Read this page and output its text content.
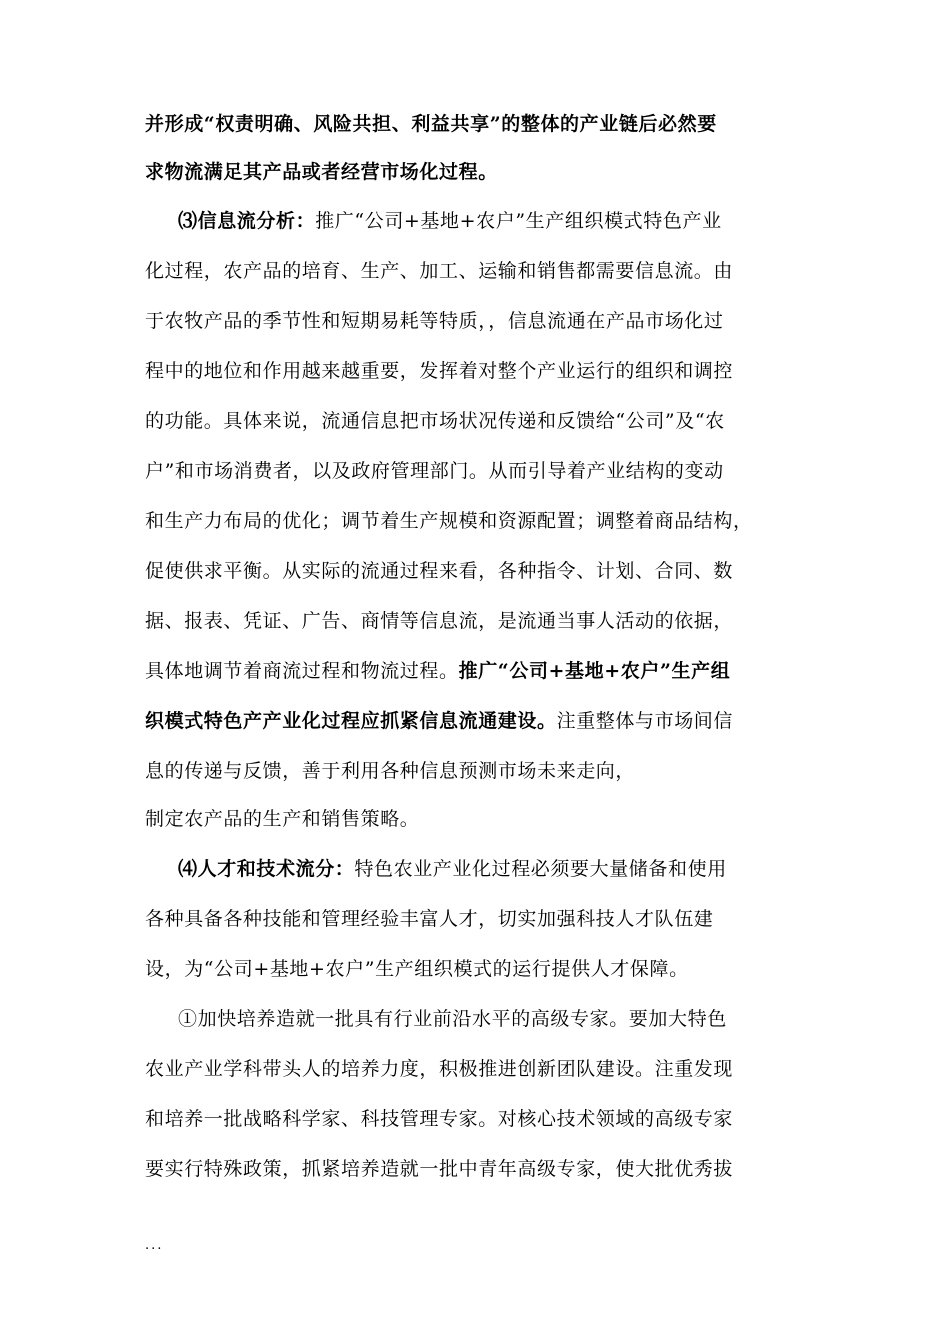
并形成“权责明确、风险共担、利益共享”的整体的产业链后必然要
求物流满足其产品或者经营市场化过程。
⑶信息流分析：推广“公司+基地+农户”生产组织模式特色产业
化过程，农产品的培育、生产、加工、运输和销售都需要信息流。由
于农牧产品的季节性和短期易耗等特质，，信息流通在产品市场化过
程中的地位和作用越来越重要，发挥着对整个产业运行的组织和调控
的功能。具体来说，流通信息把市场状况传递和反馈给“公司”及“农
户”和市场消费者，以及政府管理部门。从而引导着产业结构的变动
和生产力布局的优化；调节着生产规模和资源配置；调整着商品结构，
促使供求平衡。从实际的流通过程来看，各种指令、计划、合同、数
据、报表、凭证、广告、商情等信息流，是流通当事人活动的依据，
具体地调节着商流过程和物流过程。推广“公司+基地+农户”生产组
织模式特色产产业化过程应抓紧信息流通建设。注重整体与市场间信
息的传递与反馈，善于利用各种信息预测市场未来走向，
制定农产品的生产和销售策略。
⑷人才和技术流分：特色农业产业化过程必须要大量储备和使用
各种具备各种技能和管理经验丰富人才，切实加强科技人才队伍建
设，为“公司+基地+农户”生产组织模式的运行提供人才保障。
①加快培养造就一批具有行业前沿水平的高级专家。要加大特色
农业产业学科带头人的培养力度，积极推进创新团队建设。注重发现
和培养一批战略科学家、科技管理专家。对核心技术领域的高级专家
要实行特殊政策，抓紧培养造就一批中青年高级专家，使大批优秀拔
...
